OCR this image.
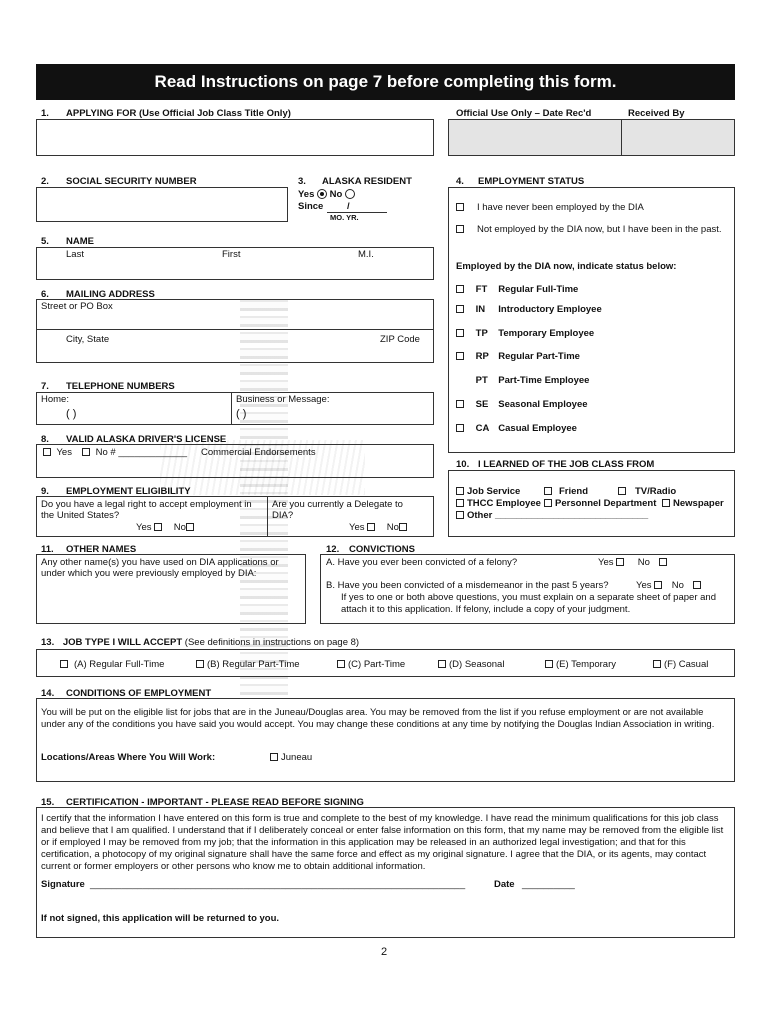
Read Instructions on page 7 before completing this form.
1. APPLYING FOR (Use Official Job Class Title Only)	Official Use Only – Date Rec'd	Received By
2. SOCIAL SECURITY NUMBER	3. ALASKA RESIDENT
Yes No
Since /
MO. YR.
4. EMPLOYMENT STATUS
I have never been employed by the DIA
Not employed by the DIA now, but I have been in the past.
Employed by the DIA now, indicate status below:
FT Regular Full-Time
IN Introductory Employee
TP Temporary Employee
RP Regular Part-Time
PT Part-Time Employee
SE Seasonal Employee
CA Casual Employee
5. NAME
Last	First	M.I.
6. MAILING ADDRESS
Street or PO Box
City, State	ZIP Code
7. TELEPHONE NUMBERS
Home:
( )
Business or Message:
( )
8. VALID ALASKA DRIVER'S LICENSE
Yes	No # _____________ Commercial Endorsements
9. EMPLOYMENT ELIGIBILITY
Do you have a legal right to accept employment in the United States?
Yes No
Are you currently a Delegate to DIA?
Yes No
10. I LEARNED OF THE JOB CLASS FROM
Job Service	Friend	TV/Radio
THCC Employee	Personnel Department	Newspaper
Other _____________________________
11. OTHER NAMES
Any other name(s) you have used on DIA applications or under which you were previously employed by DIA:
12. CONVICTIONS
A. Have you ever been convicted of a felony?	Yes	No
B. Have you been convicted of a misdemeanor in the past 5 years?	Yes No
If yes to one or both above questions, you must explain on a separate sheet of paper and attach it to this application. If felony, include a copy of your judgment.
13. JOB TYPE I WILL ACCEPT (See definitions in instructions on page 8)
(A) Regular Full-Time	(B) Regular Part-Time	(C) Part-Time	(D) Seasonal	(E) Temporary	(F) Casual
14. CONDITIONS OF EMPLOYMENT
You will be put on the eligible list for jobs that are in the Juneau/Douglas area. You may be removed from the list if you refuse employment or are not available under any of the conditions you have said you would accept. You may change these conditions at any time by notifying the Douglas Indian Association in writing.
Locations/Areas Where You Will Work:	Juneau
15. CERTIFICATION - IMPORTANT - PLEASE READ BEFORE SIGNING
I certify that the information I have entered on this form is true and complete to the best of my knowledge. I have read the minimum qualifications for this job class and believe that I am qualified. I understand that if I deliberately conceal or enter false information on this form, that my name may be removed from the eligible list or if employed I may be removed from my job; that the information in this application may be released in an authorized legal investigation; and that for this certification, a photocopy of my original signature shall have the same force and effect as my original signature. I agree that the DIA, or its agents, may contact current or former employers or other persons who know me to obtain additional information.
Signature _______________________________________________________________________	Date __________
If not signed, this application will be returned to you.
2
